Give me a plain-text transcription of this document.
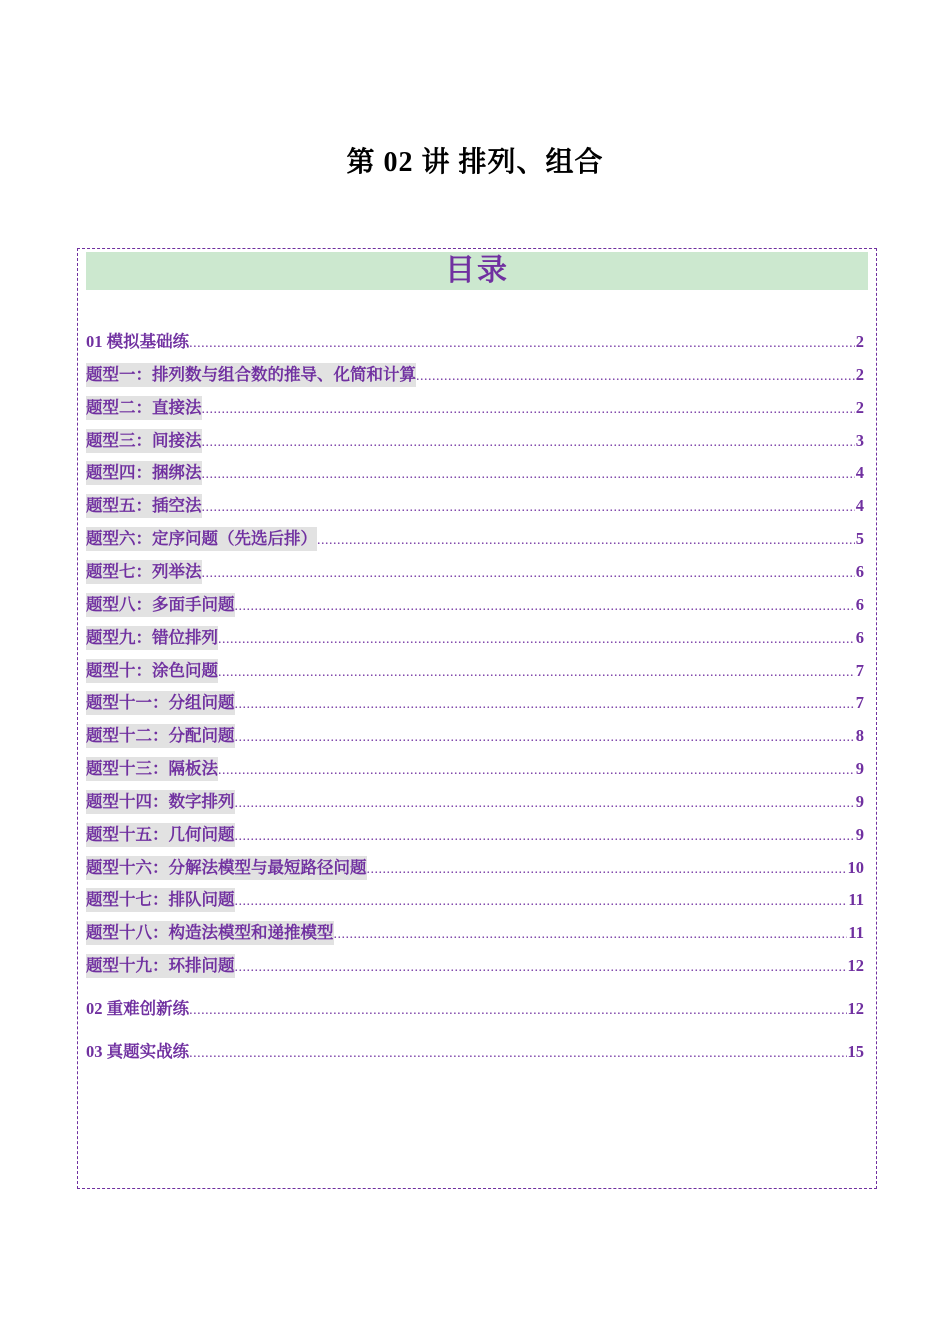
第 02 讲 排列、组合
目录
01 模拟基础练 .....	2
题型一：排列数与组合数的推导、化简和计算 .....	2
题型二：直接法 .....	2
题型三：间接法 .....	3
题型四：捆绑法 .....	4
题型五：插空法 .....	4
题型六：定序问题（先选后排） .....	5
题型七：列举法 .....	6
题型八：多面手问题 .....	6
题型九：错位排列 .....	6
题型十：涂色问题 .....	7
题型十一：分组问题 .....	7
题型十二：分配问题 .....	8
题型十三：隔板法 .....	9
题型十四：数字排列 .....	9
题型十五：几何问题 .....	9
题型十六：分解法模型与最短路径问题 .....	10
题型十七：排队问题 .....	11
题型十八：构造法模型和递推模型 .....	11
题型十九：环排问题 .....	12
02 重难创新练 .....	12
03 真题实战练 .....	15
